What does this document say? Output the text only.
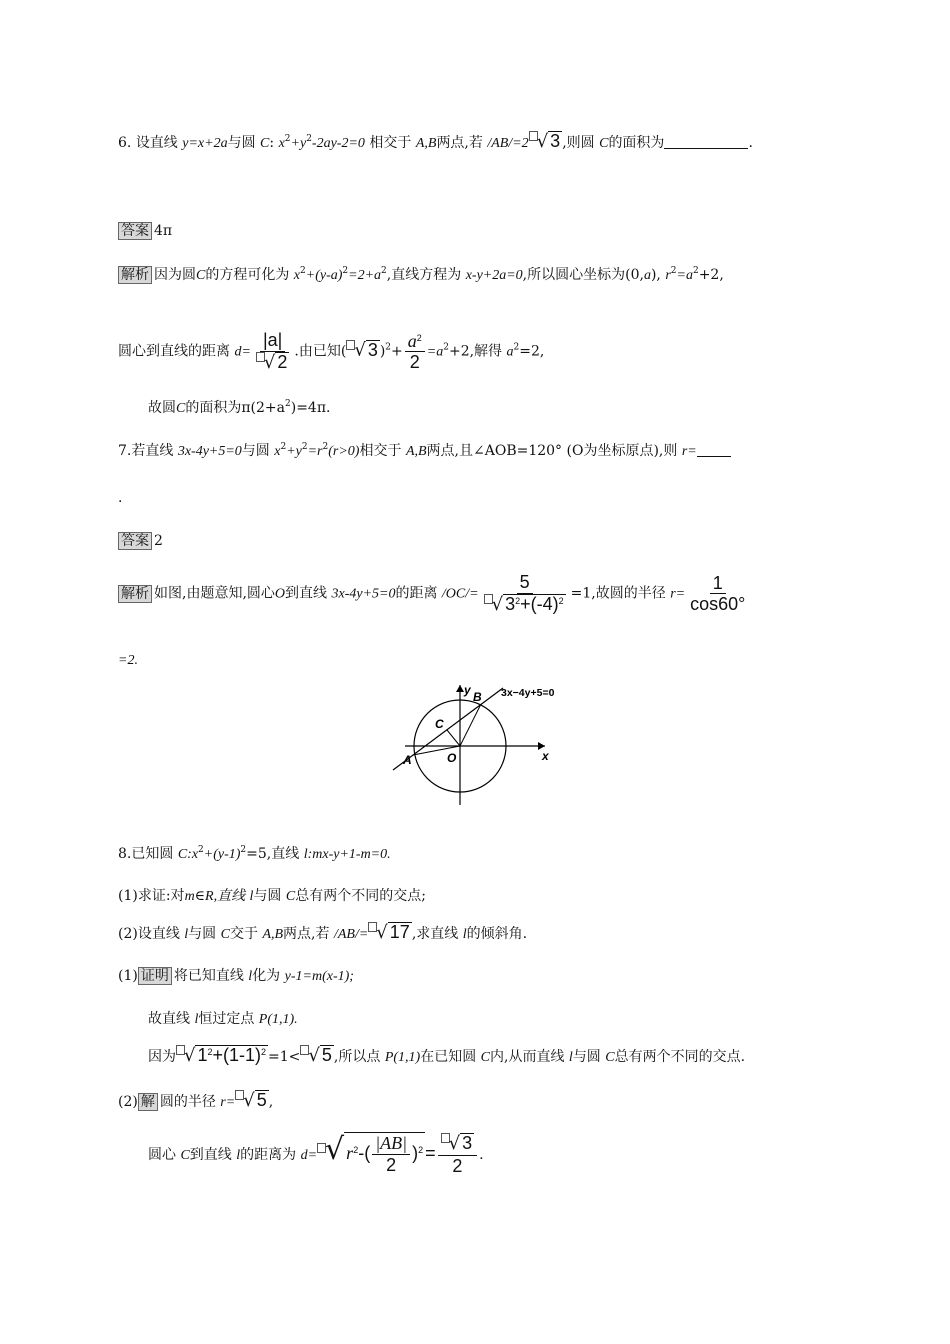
6. 设直线 y=x+2a与圆 C: $x^2+y^2-2ay-2=0$ 相交于 A,B两点,若 /AB/=2 √ 3 ,则圆 C的面积为	.
答案 4π
解析 因为圆C的方程可化为 $x^2+(y-a)^2=2+a^2$,直线方程为 x-y+2a=0,所以圆心坐标为(0,a), $r^2=a^2+2$,
圆心到直线的距离 $d= \frac{|a|}{√ 2}$ .由已知( √ 3 )$^2+ \frac{a^2}{2} =a^2+2$,解得 $a^2=2$,
故圆C的面积为$\pi(2+a^2)=4\pi$.
7.若直线 3x-4y+5=0与圆 $x^2+y^2=r^2(r>0)$相交于 A,B两点,且∠AOB=120° (O为坐标原点),则 r=
.
答案 2
解析 如图,由题意知,圆心O到直线 3x-4y+5=0的距离 $/OC/= \frac{5}{√ 3^2+(-4)^2} =1$,故圆的半径 $r= \frac{1}{\cos 60^\circ}$
=2.
y
x
B
C
A	O
3x−4y+5=0
8.已知圆 $C:x^2+(y-1)^2=5$,直线 l:mx-y+1-m=0.
(1)求证:对m∈R,直线 l与圆 C总有两个不同的交点;
(2)设直线 l与圆 C交于 A,B两点,若 /AB/= √ 17 ,求直线 l的倾斜角.
(1) 证明 将已知直线 l化为 y-1=m(x-1);
故直线 l恒过定点 P(1,1).
因为 √ $1^2+(1-1)^2 =1<$ √ 5 ,所以点 P(1,1)在已知圆 C内,从而直线 l与圆 C总有两个不同的交点.
(2) 解 圆的半径 r= √ 5 ,
圆心 C到直线 l的距离为 d= √ $r^2-( \frac{|AB|}{2} )^2 = \frac{√ 3}{2}$ .
